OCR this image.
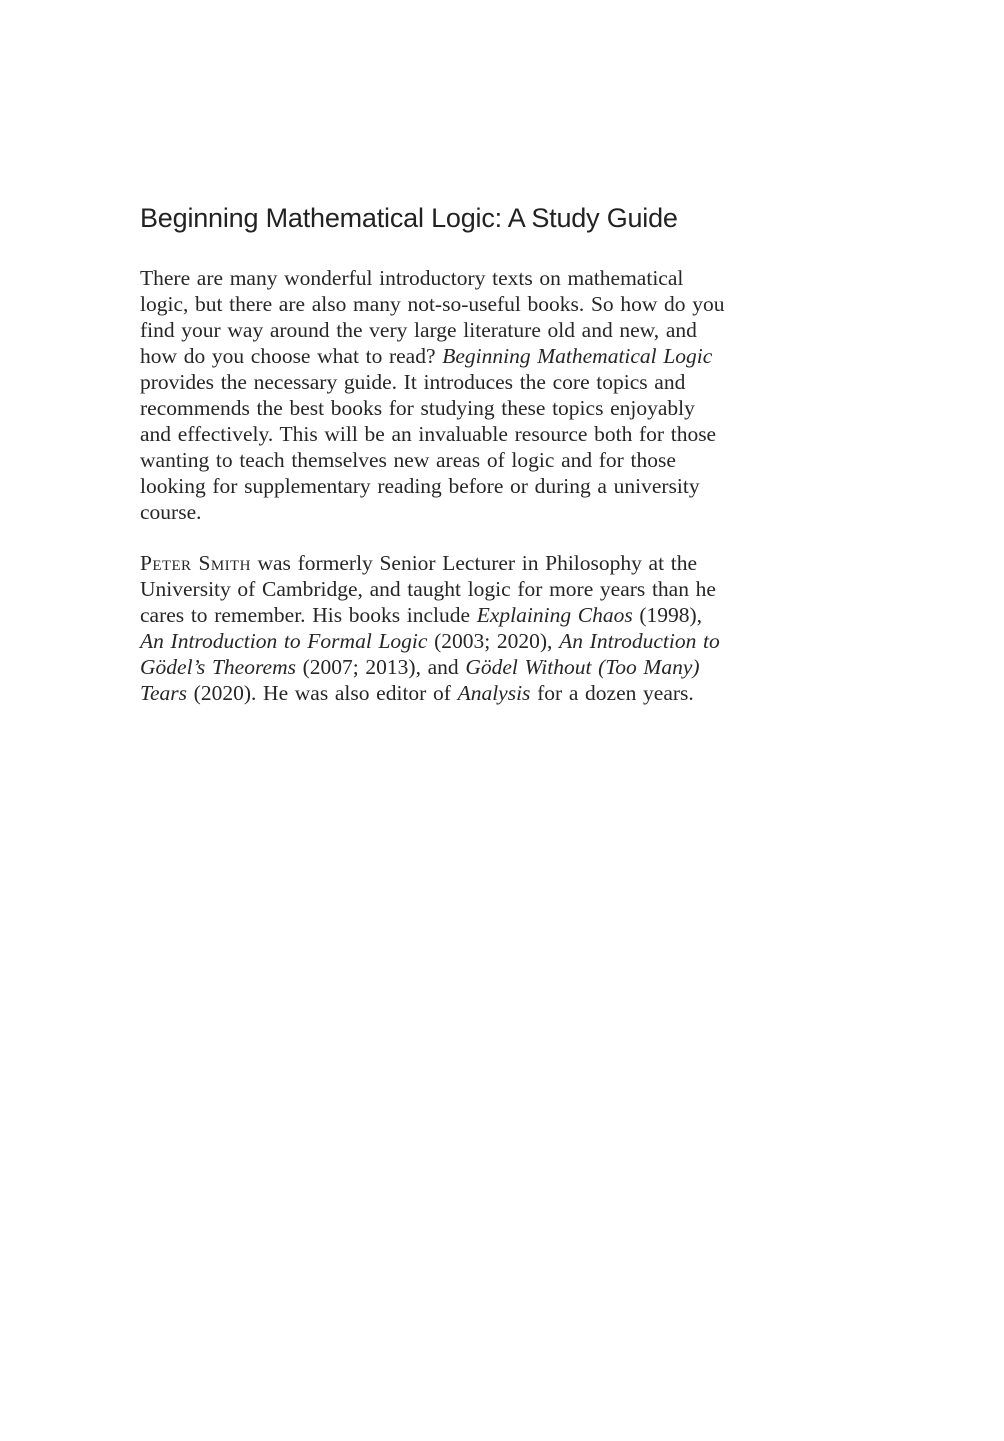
Beginning Mathematical Logic: A Study Guide
There are many wonderful introductory texts on mathematical
logic, but there are also many not-so-useful books. So how do you
find your way around the very large literature old and new, and
how do you choose what to read? Beginning Mathematical Logic
provides the necessary guide. It introduces the core topics and
recommends the best books for studying these topics enjoyably
and effectively. This will be an invaluable resource both for those
wanting to teach themselves new areas of logic and for those
looking for supplementary reading before or during a university
course.
Peter Smith was formerly Senior Lecturer in Philosophy at the
University of Cambridge, and taught logic for more years than he
cares to remember. His books include Explaining Chaos (1998),
An Introduction to Formal Logic (2003; 2020), An Introduction to
Gödel’s Theorems (2007; 2013), and Gödel Without (Too Many)
Tears (2020). He was also editor of Analysis for a dozen years.
